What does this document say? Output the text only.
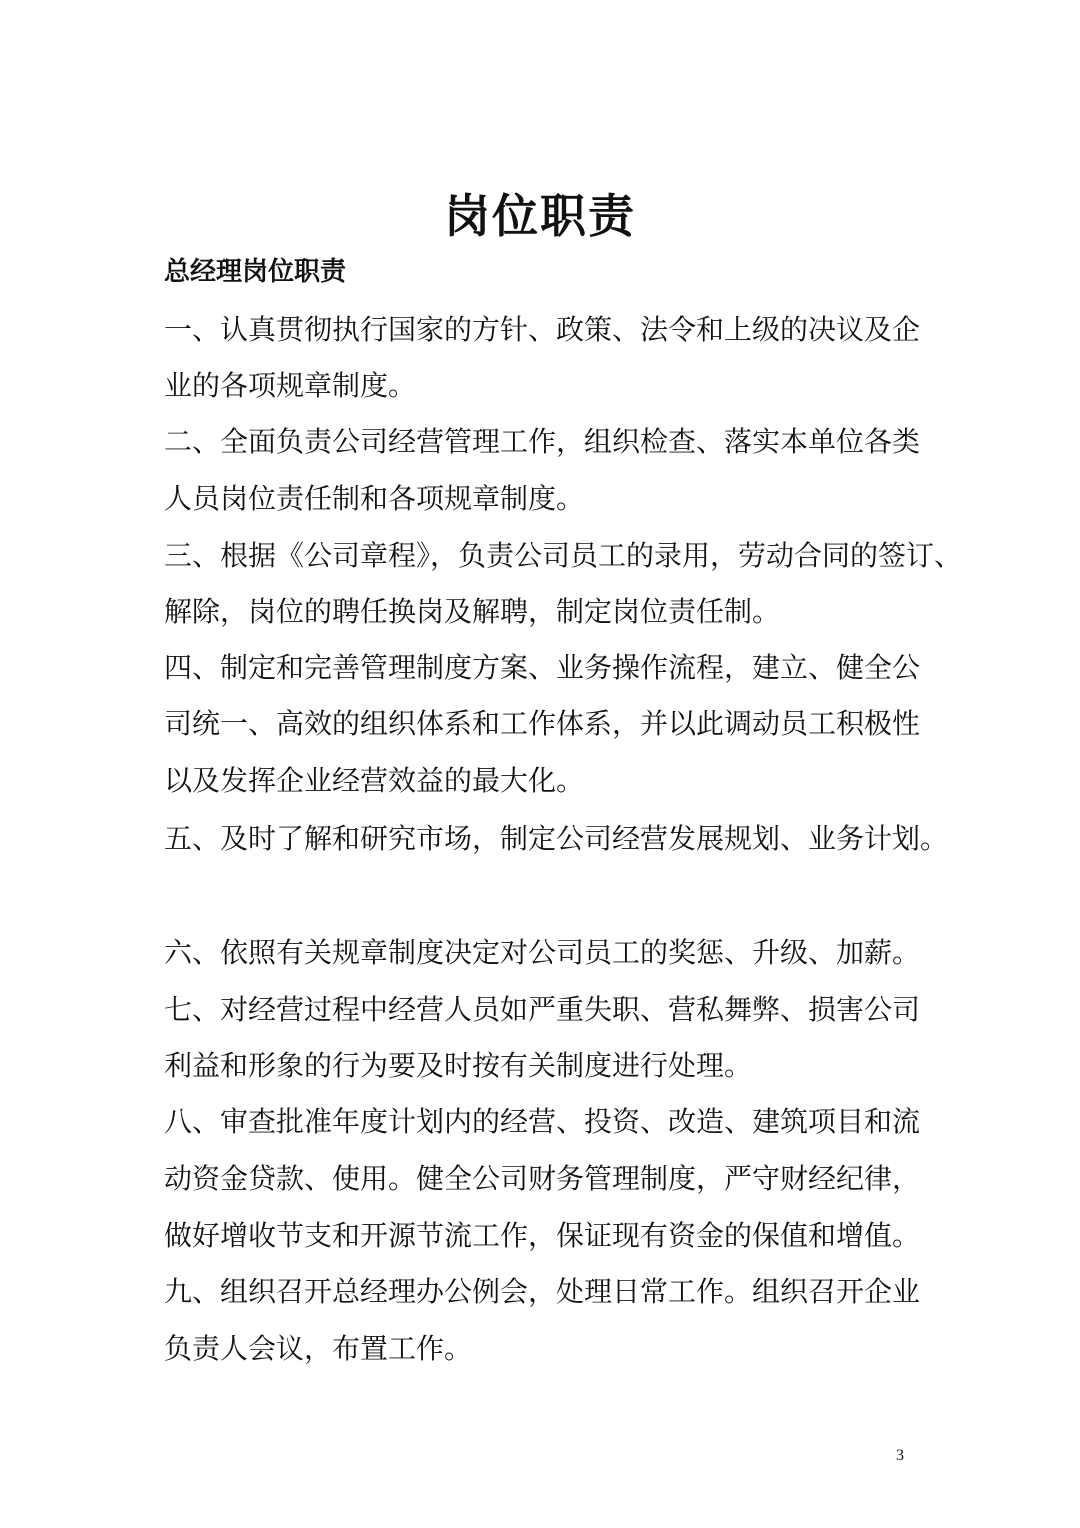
岗位职责
总经理岗位职责
一、认真贯彻执行国家的方针、政策、法令和上级的决议及企
业的各项规章制度。
二、全面负责公司经营管理工作，组织检查、落实本单位各类
人员岗位责任制和各项规章制度。
三、根据《公司章程》，负责公司员工的录用，劳动合同的签订、
解除，岗位的聘任换岗及解聘，制定岗位责任制。
四、制定和完善管理制度方案、业务操作流程，建立、健全公
司统一、高效的组织体系和工作体系，并以此调动员工积极性
以及发挥企业经营效益的最大化。
五、及时了解和研究市场，制定公司经营发展规划、业务计划。
六、依照有关规章制度决定对公司员工的奖惩、升级、加薪。
七、对经营过程中经营人员如严重失职、营私舞弊、损害公司
利益和形象的行为要及时按有关制度进行处理。
八、审查批准年度计划内的经营、投资、改造、建筑项目和流
动资金贷款、使用。健全公司财务管理制度，严守财经纪律，
做好增收节支和开源节流工作，保证现有资金的保值和增值。
九、组织召开总经理办公例会，处理日常工作。组织召开企业
负责人会议，布置工作。
3
